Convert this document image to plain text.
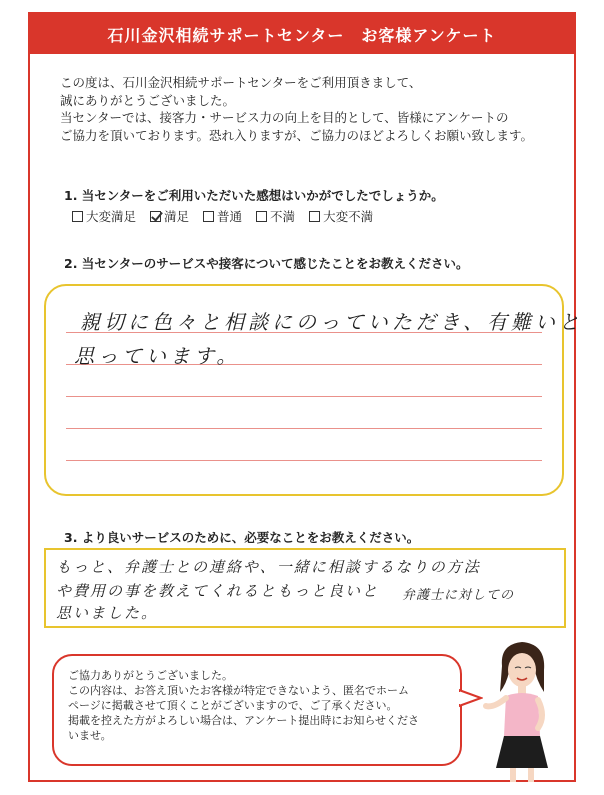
石川金沢相続サポートセンター　お客様アンケート

この度は、石川金沢相続サポートセンターをご利用頂きまして、

誠にありがとうございました。

当センターでは、接客力・サービス力の向上を目的として、皆様にアンケートの

ご協力を頂いております。恐れ入りますが、ご協力のほどよろしくお願い致します。

1. 当センターをご利用いただいた感想はいかがでしたでしょうか。
大変満足 満足 普通 不満 大変不満
2. 当センターのサービスや接客について感じたことをお教えください。
親切に色々と相談にのっていただき、有難いと
思っています。
3. より良いサービスのために、必要なことをお教えください。
もっと、弁護士との連絡や、一緒に相談するなりの方法
や費用の事を教えてくれるともっと良いと
思いました。
弁護士に対しての

ご協力ありがとうございました。

この内容は、お答え頂いたお客様が特定できないよう、匿名でホーム

ページに掲載させて頂くことがございますので、ご了承ください。

掲載を控えた方がよろしい場合は、アンケート提出時にお知らせくださ

いませ。
